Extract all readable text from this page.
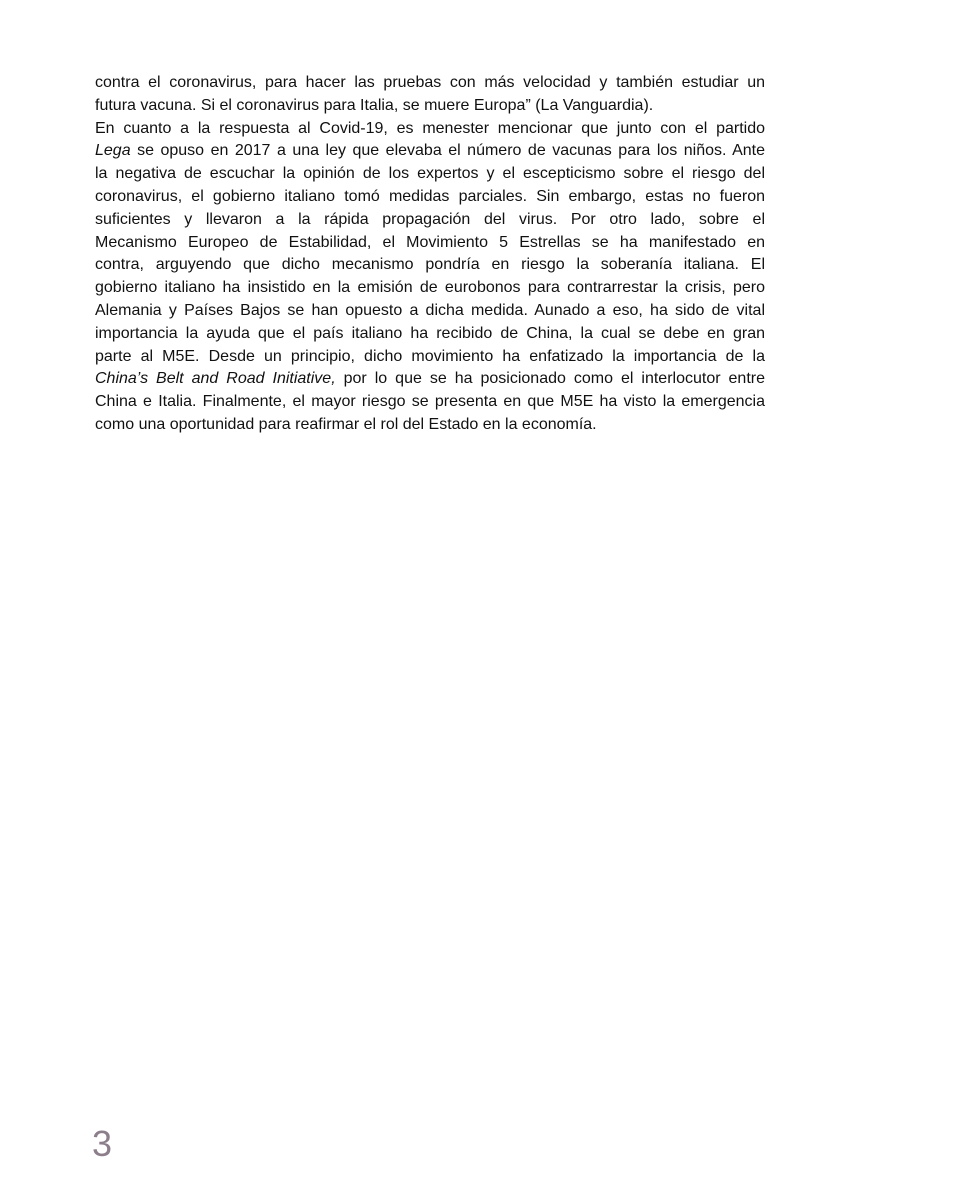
contra el coronavirus, para hacer las pruebas con más velocidad y también estudiar un
futura vacuna. Si el coronavirus para Italia, se muere Europa” (La Vanguardia).
En cuanto a la respuesta al Covid-19, es menester mencionar que junto con el partido
Lega se opuso en 2017 a una ley que elevaba el número de vacunas para los niños. Ante
la negativa de escuchar la opinión de los expertos y el escepticismo sobre el riesgo del
coronavirus, el gobierno italiano tomó medidas parciales. Sin embargo, estas no fueron
suficientes y llevaron a la rápida propagación del virus. Por otro lado, sobre el
Mecanismo Europeo de Estabilidad, el Movimiento 5 Estrellas se ha manifestado en
contra, arguyendo que dicho mecanismo pondría en riesgo la soberanía italiana. El
gobierno italiano ha insistido en la emisión de eurobonos para contrarrestar la crisis, pero
Alemania y Países Bajos se han opuesto a dicha medida. Aunado a eso, ha sido de vital
importancia la ayuda que el país italiano ha recibido de China, la cual se debe en gran
parte al M5E. Desde un principio, dicho movimiento ha enfatizado la importancia de la
China’s Belt and Road Initiative, por lo que se ha posicionado como el interlocutor entre
China e Italia. Finalmente, el mayor riesgo se presenta en que M5E ha visto la emergencia
como una oportunidad para reafirmar el rol del Estado en la economía.
3
